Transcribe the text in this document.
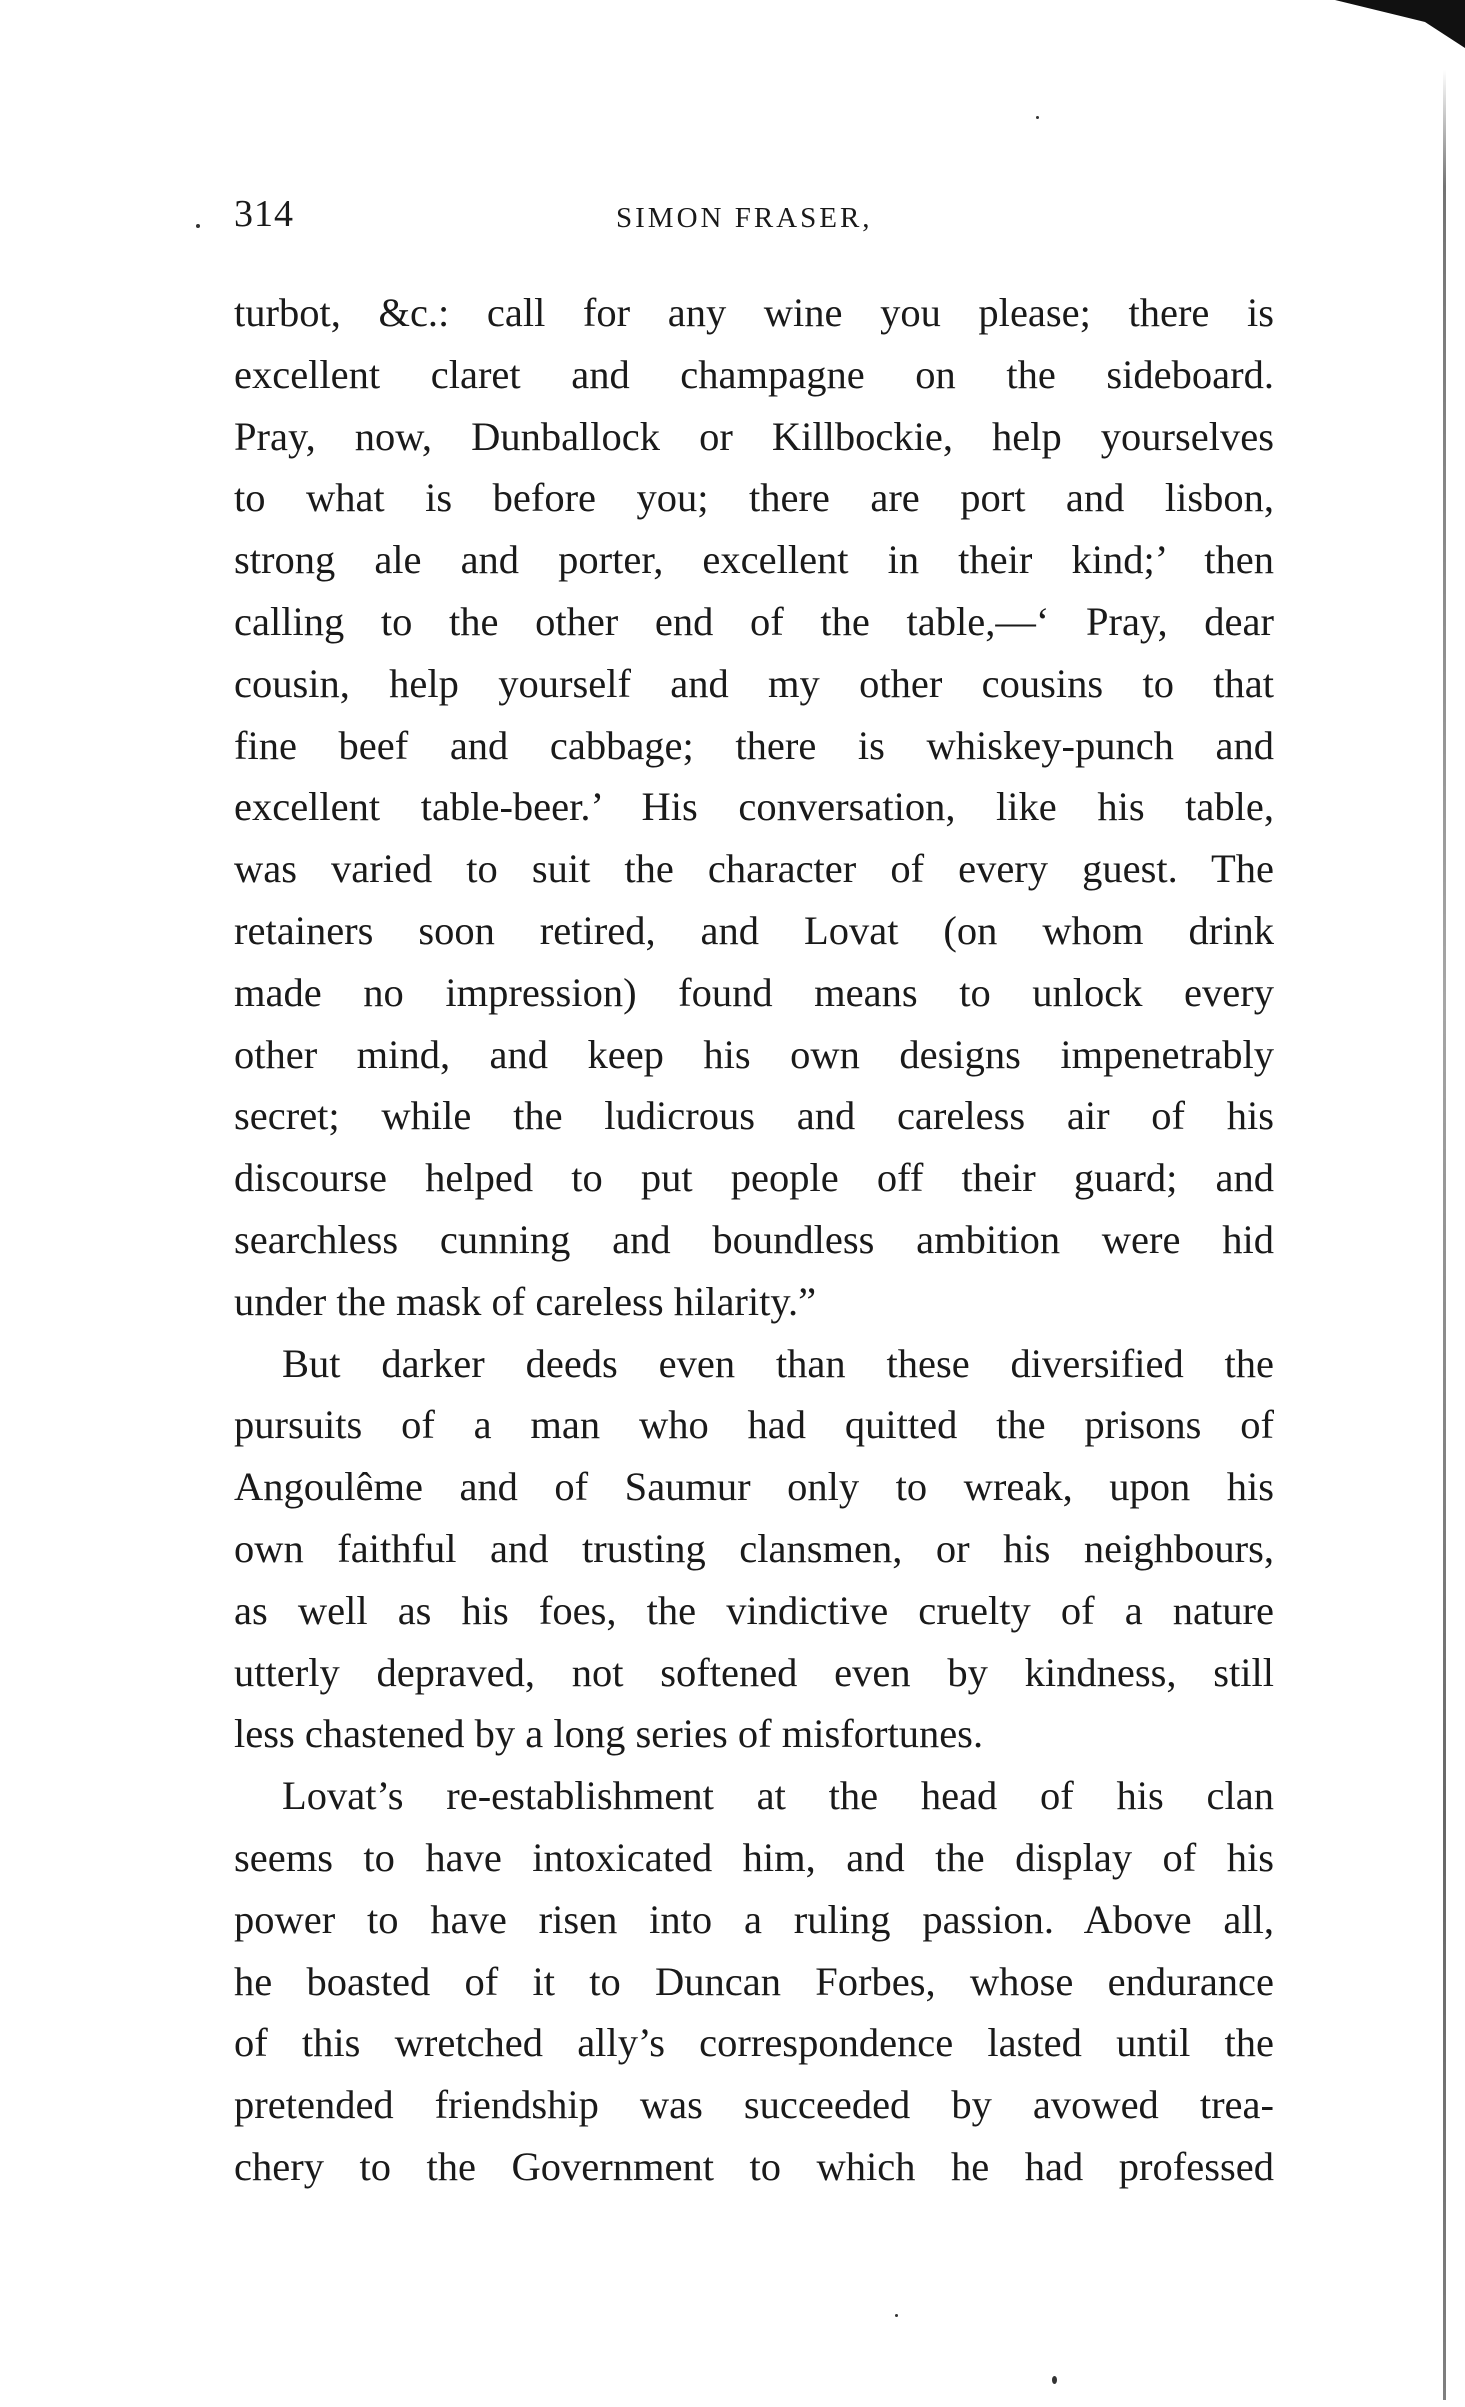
314	SIMON FRASER,
turbot, &c.: call for any wine you please; there is
excellent claret and champagne on the sideboard.
Pray, now, Dunballock or Killbockie, help yourselves
to what is before you; there are port and lisbon,
strong ale and porter, excellent in their kind;’ then
calling to the other end of the table,—‘ Pray, dear
cousin, help yourself and my other cousins to that
fine beef and cabbage; there is whiskey-punch and
excellent table-beer.’ His conversation, like his table,
was varied to suit the character of every guest. The
retainers soon retired, and Lovat (on whom drink
made no impression) found means to unlock every
other mind, and keep his own designs impenetrably
secret; while the ludicrous and careless air of his
discourse helped to put people off their guard; and
searchless cunning and boundless ambition were hid
under the mask of careless hilarity.”
But darker deeds even than these diversified the
pursuits of a man who had quitted the prisons of
Angoulême and of Saumur only to wreak, upon his
own faithful and trusting clansmen, or his neighbours,
as well as his foes, the vindictive cruelty of a nature
utterly depraved, not softened even by kindness, still
less chastened by a long series of misfortunes.
Lovat’s re-establishment at the head of his clan
seems to have intoxicated him, and the display of his
power to have risen into a ruling passion. Above all,
he boasted of it to Duncan Forbes, whose endurance
of this wretched ally’s correspondence lasted until the
pretended friendship was succeeded by avowed trea-
chery to the Government to which he had professed
